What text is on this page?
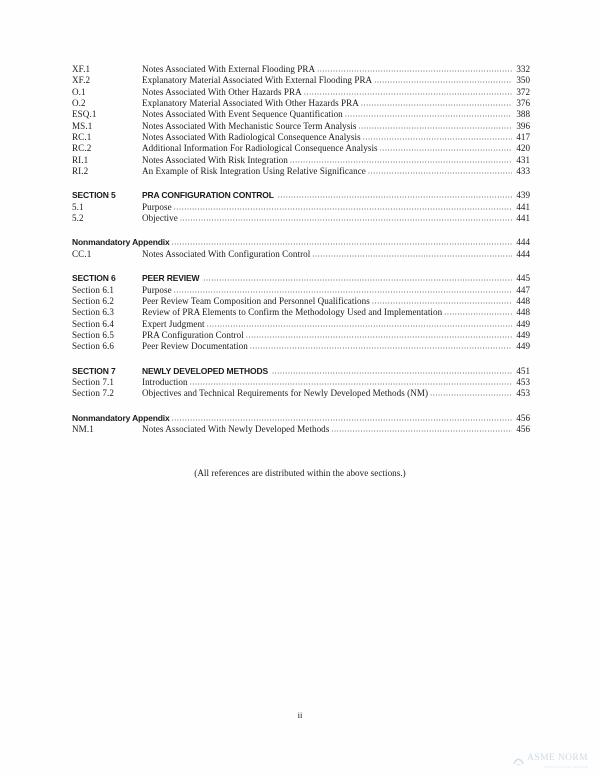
XF.1	Notes Associated With External Flooding PRA .....	332
XF.2	Explanatory Material Associated With External Flooding PRA .....	350
O.1	Notes Associated With Other Hazards PRA .....	372
O.2	Explanatory Material Associated With Other Hazards PRA .....	376
ESQ.1	Notes Associated With Event Sequence Quantification .....	388
MS.1	Notes Associated With Mechanistic Source Term Analysis .....	396
RC.1	Notes Associated With Radiological Consequence Analysis .....	417
RC.2	Additional Information For Radiological Consequence Analysis .....	420
RI.1	Notes Associated With Risk Integration .....	431
RI.2	An Example of Risk Integration Using Relative Significance .....	433
SECTION 5	PRA CONFIGURATION CONTROL .....	439
5.1	Purpose .....	441
5.2	Objective .....	441
Nonmandatory Appendix .....	444
CC.1	Notes Associated With Configuration Control .....	444
SECTION 6	PEER REVIEW .....	445
Section 6.1	Purpose .....	447
Section 6.2	Peer Review Team Composition and Personnel Qualifications .....	448
Section 6.3	Review of PRA Elements to Confirm the Methodology Used and Implementation .....	448
Section 6.4	Expert Judgment .....	449
Section 6.5	PRA Configuration Control .....	449
Section 6.6	Peer Review Documentation .....	449
SECTION 7	NEWLY DEVELOPED METHODS .....	451
Section 7.1	Introduction .....	453
Section 7.2	Objectives and Technical Requirements for Newly Developed Methods (NM) .....	453
Nonmandatory Appendix .....	456
NM.1	Notes Associated With Newly Developed Methods .....	456
(All references are distributed within the above sections.)
ii
ASME NORM
NORMALIZATION SERVICE
